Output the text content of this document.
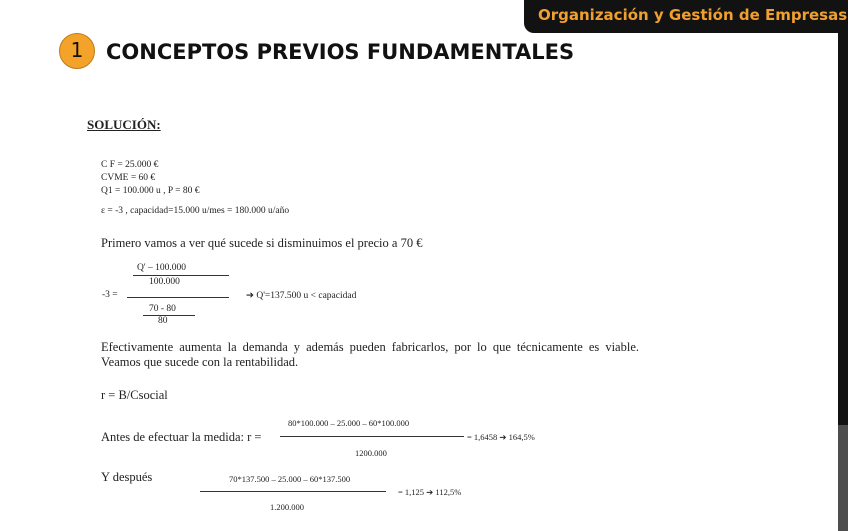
Organización y Gestión de Empresas
1	CONCEPTOS PREVIOS FUNDAMENTALES
SOLUCIÓN:
C F = 25.000 €
CVME = 60 €
Q1 = 100.000 u , P = 80 €
ε = -3 , capacidad=15.000 u/mes = 180.000 u/año
Primero vamos a ver qué sucede si disminuimos el precio a 70 €
Q' – 100.000
100.000
-3 =	➔ Q'=137.500 u < capacidad
70 - 80
80
Efectivamente aumenta la demanda y además pueden fabricarlos, por lo que técnicamente es viable. Veamos que sucede con la rentabilidad.
r = B/Csocial
80*100.000 – 25.000 – 60*100.000
Antes de efectuar la medida: r =	= 1,6458 ➔ 164,5%
1200.000
Y después	70*137.500 – 25.000 – 60*137.500
= 1,125 ➔ 112,5%
1.200.000
